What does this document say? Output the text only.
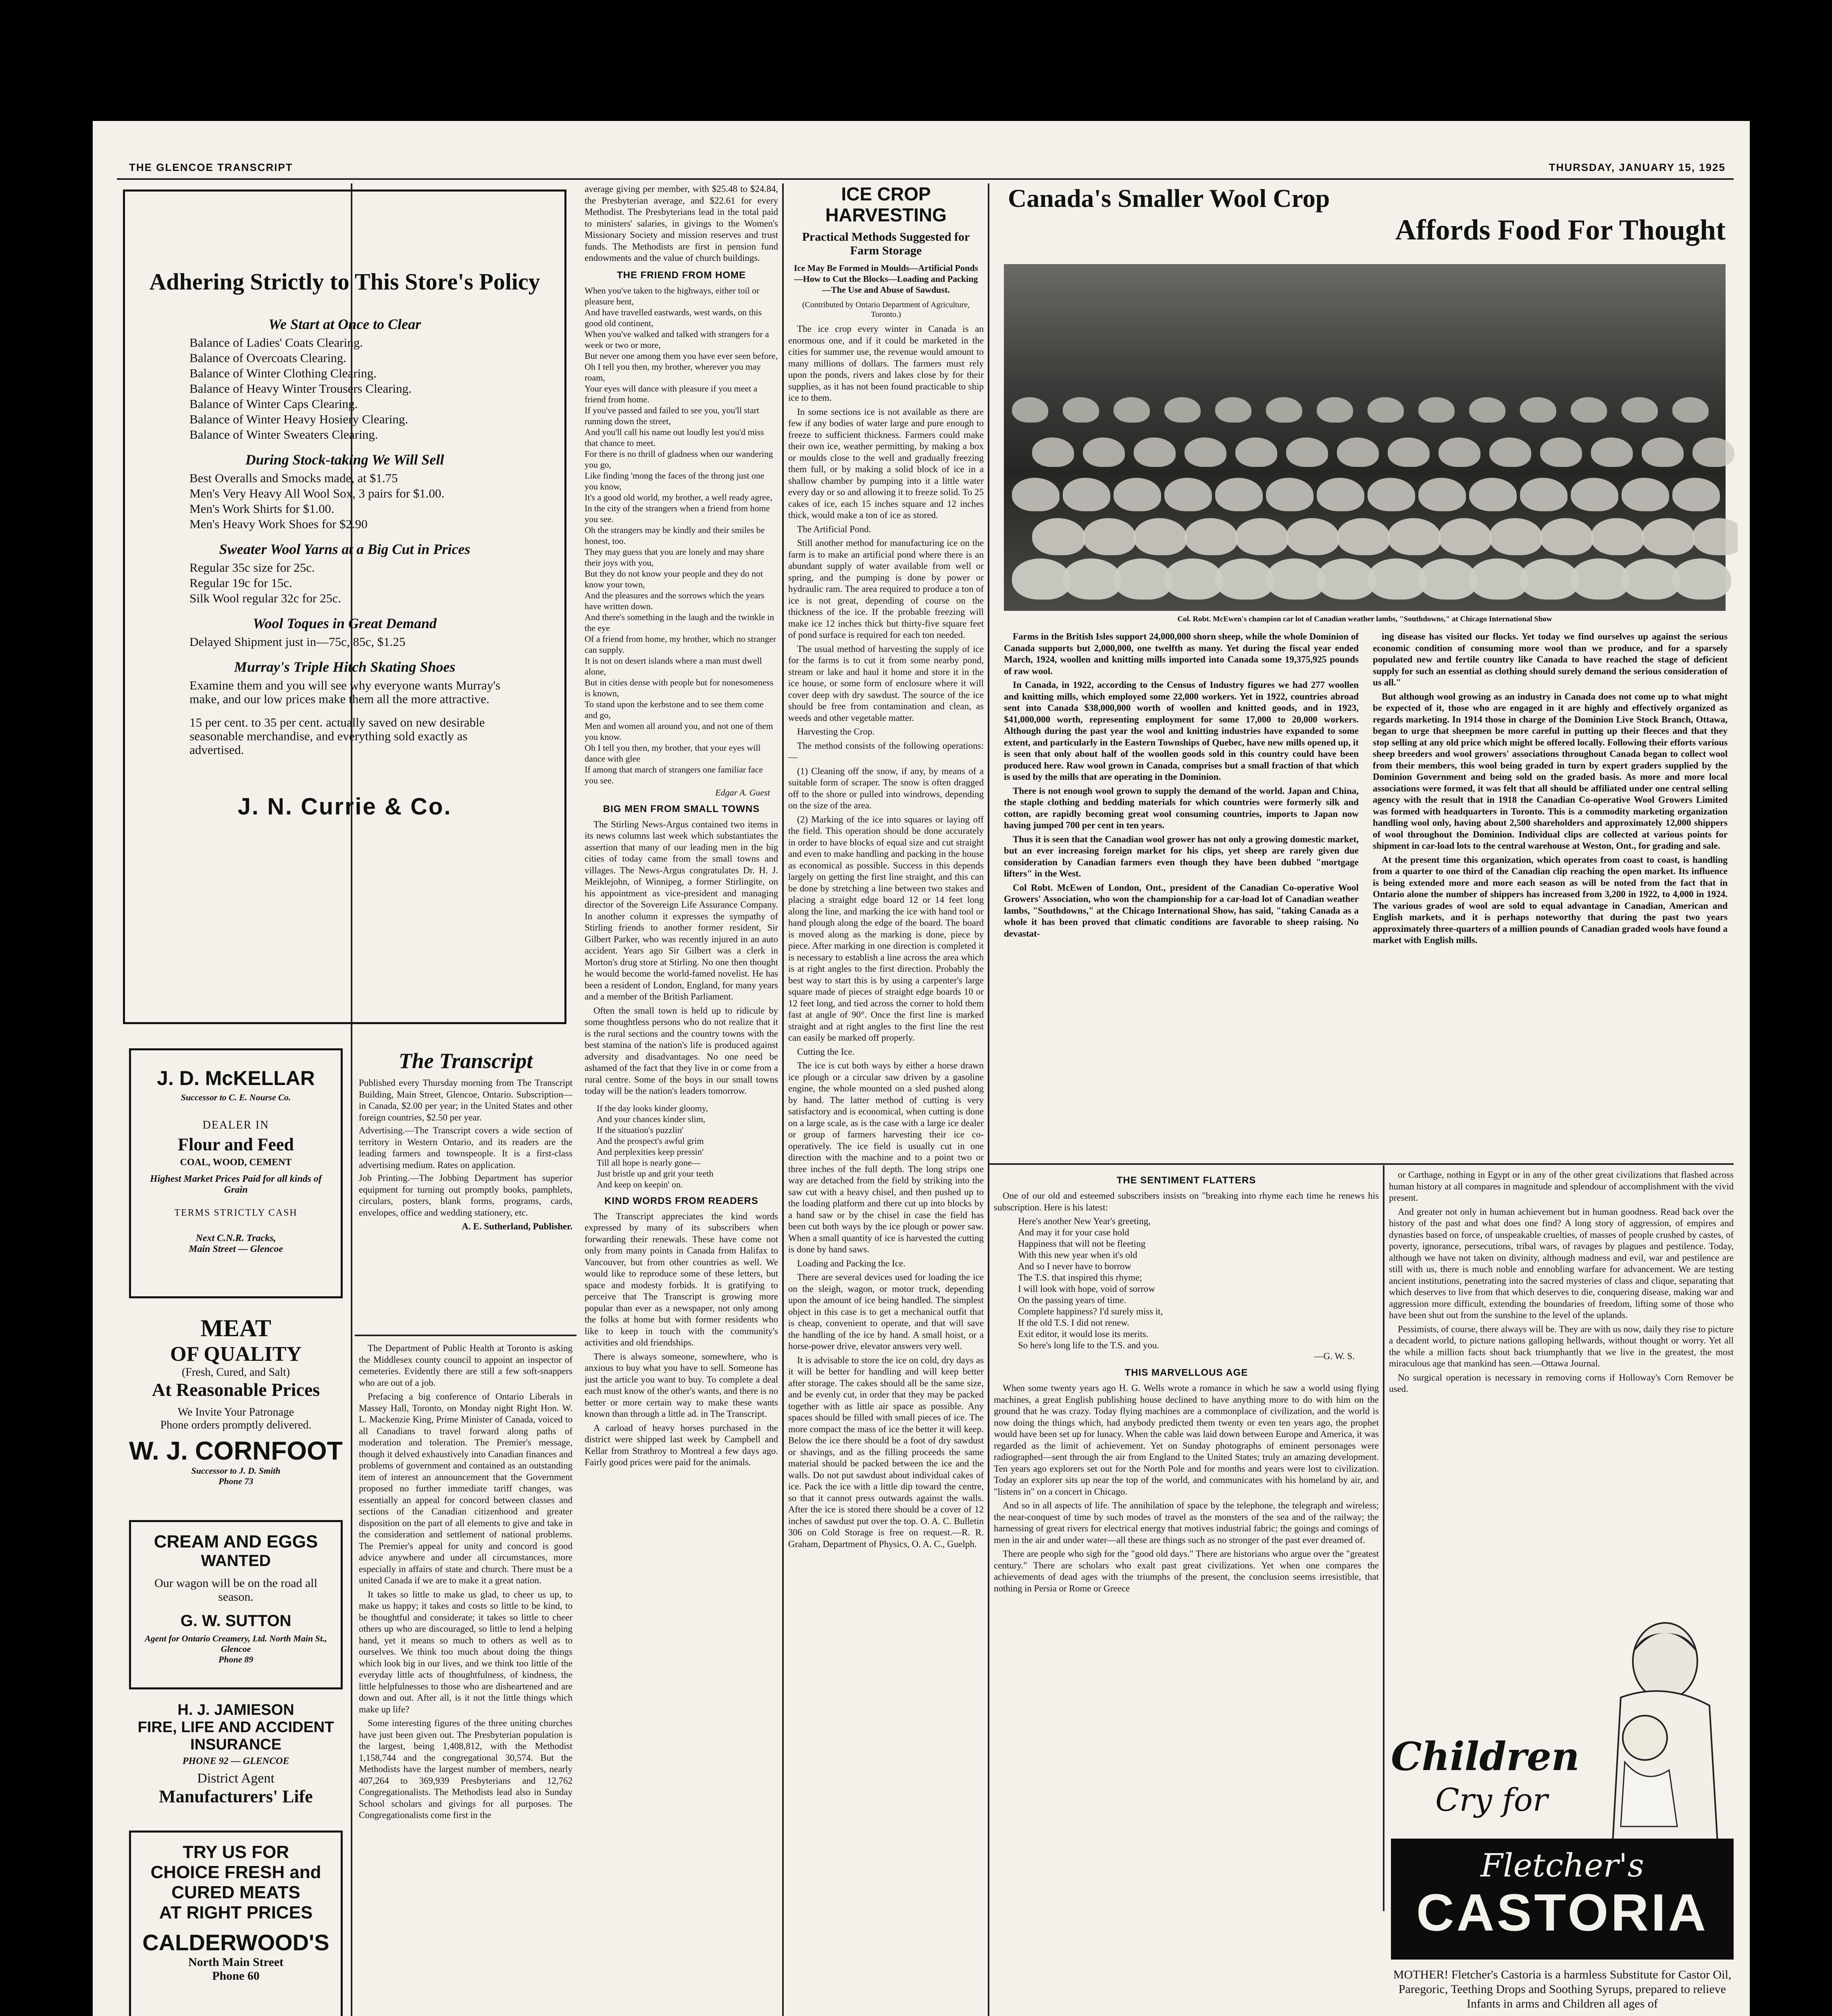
THE GLENCOE TRANSCRIPT	THURSDAY, JANUARY 15, 1925
Adhering Strictly to This Store's Policy
We Start at Once to Clear
Balance of Ladies' Coats Clearing.
Balance of Overcoats Clearing.
Balance of Winter Clothing Clearing.
Balance of Heavy Winter Trousers Clearing.
Balance of Winter Caps Clearing.
Balance of Winter Heavy Hosiery Clearing.
Balance of Winter Sweaters Clearing.
During Stock-taking We Will Sell
Best Overalls and Smocks made, at $1.75
Men's Very Heavy All Wool Sox, 3 pairs for $1.00.
Men's Work Shirts for $1.00.
Men's Heavy Work Shoes for $2.90
Sweater Wool Yarns at a Big Cut in Prices
Regular 35c size for 25c.
Regular 19c for 15c.
Silk Wool regular 32c for 25c.
Wool Toques in Great Demand
Delayed Shipment just in—75c, 85c, $1.25
Murray's Triple Hitch Skating Shoes
Examine them and you will see why everyone wants Murray's make, and our low prices make them all the more attractive.
15 per cent. to 35 per cent. actually saved on new desirable seasonable merchandise, and everything sold exactly as advertised.
J. N. Currie & Co.
J. D. McKELLAR
Successor to C. E. Nourse Co.
DEALER IN
Flour and Feed
COAL, WOOD, CEMENT
Highest Market Prices Paid for all kinds of Grain
TERMS STRICTLY CASH
Next C.N.R. Tracks,
Main Street — Glencoe
MEAT
OF QUALITY
(Fresh, Cured, and Salt)
At Reasonable Prices
We Invite Your Patronage
Phone orders promptly delivered.
W. J. CORNFOOT
Successor to J. D. Smith
Phone 73
CREAM AND EGGS
WANTED
Our wagon will be on the road all season.
G. W. SUTTON
Agent for Ontario Creamery, Ltd. North Main St., Glencoe
Phone 89
H. J. JAMIESON
FIRE, LIFE AND ACCIDENT
INSURANCE
PHONE 92 — GLENCOE
District Agent
Manufacturers' Life
TRY US FOR
CHOICE FRESH and
CURED MEATS
AT RIGHT PRICES
CALDERWOOD'S
North Main Street
Phone 60
The Transcript
Published every Thursday morning from The Transcript Building, Main Street, Glencoe, Ontario. Subscription—in Canada, $2.00 per year; in the United States and other foreign countries, $2.50 per year.
Advertising.—The Transcript covers a wide section of territory in Western Ontario, and its readers are the leading farmers and townspeople. It is a first-class advertising medium. Rates on application.
Job Printing.—The Jobbing Department has superior equipment for turning out promptly books, pamphlets, circulars, posters, blank forms, programs, cards, envelopes, office and wedding stationery, etc.
A. E. Sutherland, Publisher.

The Department of Public Health at Toronto is asking the Middlesex county council to appoint an inspector of cemeteries. Evidently there are still a few soft-snappers who are out of a job.

Prefacing a big conference of Ontario Liberals in Massey Hall, Toronto, on Monday night Right Hon. W. L. Mackenzie King, Prime Minister of Canada, voiced to all Canadians to travel forward along paths of moderation and toleration. The Premier's message, though it delved exhaustively into Canadian finances and problems of government and contained as an outstanding item of interest an announcement that the Government proposed no further immediate tariff changes, was essentially an appeal for concord between classes and sections of the Canadian citizenhood and greater disposition on the part of all elements to give and take in the consideration and settlement of national problems. The Premier's appeal for unity and concord is good advice anywhere and under all circumstances, more especially in affairs of state and church. There must be a united Canada if we are to make it a great nation.

It takes so little to make us glad, to cheer us up, to make us happy; it takes and costs so little to be kind, to be thoughtful and considerate; it takes so little to cheer others up who are discouraged, so little to lend a helping hand, yet it means so much to others as well as to ourselves. We think too much about doing the things which look big in our lives, and we think too little of the everyday little acts of thoughtfulness, of kindness, the little helpfulnesses to those who are disheartened and are down and out. After all, is it not the little things which make up life?

Some interesting figures of the three uniting churches have just been given out. The Presbyterian population is the largest, being 1,408,812, with the Methodist 1,158,744 and the congregational 30,574. But the Methodists have the largest number of members, nearly 407,264 to 369,939 Presbyterians and 12,762 Congregationalists. The Methodists lead also in Sunday School scholars and givings for all purposes. The Congregationalists come first in the

average giving per member, with $25.48 to $24.84, the Presbyterian average, and $22.61 for every Methodist. The Presbyterians lead in the total paid to ministers' salaries, in givings to the Women's Missionary Society and mission reserves and trust funds. The Methodists are first in pension fund endowments and the value of church buildings.
THE FRIEND FROM HOME
When you've taken to the highways, either toil or pleasure bent,
And have travelled eastwards, west wards, on this good old continent,
When you've walked and talked with strangers for a week or two or more,
But never one among them you have ever seen before,
Oh I tell you then, my brother, wherever you may roam,
Your eyes will dance with pleasure if you meet a friend from home.
If you've passed and failed to see you, you'll start running down the street,
And you'll call his name out loudly lest you'd miss that chance to meet.
For there is no thrill of gladness when our wandering you go,
Like finding 'mong the faces of the throng just one you know,
It's a good old world, my brother, a well ready agree,
In the city of the strangers when a friend from home you see.
Oh the strangers may be kindly and their smiles be honest, too.
They may guess that you are lonely and may share their joys with you,
But they do not know your people and they do not know your town,
And the pleasures and the sorrows which the years have written down.
And there's something in the laugh and the twinkle in the eye
Of a friend from home, my brother, which no stranger can supply.
It is not on desert islands where a man must dwell alone,
But in cities dense with people but for nonesomeness is known,
To stand upon the kerbstone and to see them come and go,
Men and women all around you, and not one of them you know.
Oh I tell you then, my brother, that your eyes will dance with glee
If among that march of strangers one familiar face you see.
Edgar A. Guest
BIG MEN FROM SMALL TOWNS

The Stirling News-Argus contained two items in its news columns last week which substantiates the assertion that many of our leading men in the big cities of today came from the small towns and villages. The News-Argus congratulates Dr. H. J. Meiklejohn, of Winnipeg, a former Stirlingite, on his appointment as vice-president and managing director of the Sovereign Life Assurance Company. In another column it expresses the sympathy of Stirling friends to another former resident, Sir Gilbert Parker, who was recently injured in an auto accident. Years ago Sir Gilbert was a clerk in Morton's drug store at Stirling. No one then thought he would become the world-famed novelist. He has been a resident of London, England, for many years and a member of the British Parliament.

Often the small town is held up to ridicule by some thoughtless persons who do not realize that it is the rural sections and the country towns with the best stamina of the nation's life is produced against adversity and disadvantages. No one need be ashamed of the fact that they live in or come from a rural centre. Some of the boys in our small towns today will be the nation's leaders tomorrow.

If the day looks kinder gloomy,
And your chances kinder slim,
If the situation's puzzlin'
And the prospect's awful grim
And perplexities keep pressin'
Till all hope is nearly gone—
Just bristle up and grit your teeth
And keep on keepin' on.
KIND WORDS FROM READERS

The Transcript appreciates the kind words expressed by many of its subscribers when forwarding their renewals. These have come not only from many points in Canada from Halifax to Vancouver, but from other countries as well. We would like to reproduce some of these letters, but space and modesty forbids. It is gratifying to perceive that The Transcript is growing more popular than ever as a newspaper, not only among the folks at home but with former residents who like to keep in touch with the community's activities and old friendships.

There is always someone, somewhere, who is anxious to buy what you have to sell. Someone has just the article you want to buy. To complete a deal each must know of the other's wants, and there is no better or more certain way to make these wants known than through a little ad. in The Transcript.

A carload of heavy horses purchased in the district were shipped last week by Campbell and Kellar from Strathroy to Montreal a few days ago. Fairly good prices were paid for the animals.

ICE CROP HARVESTING
Practical Methods Suggested for Farm Storage
Ice May Be Formed in Moulds—Artificial Ponds—How to Cut the Blocks—Loading and Packing—The Use and Abuse of Sawdust.
(Contributed by Ontario Department of Agriculture, Toronto.)

The ice crop every winter in Canada is an enormous one, and if it could be marketed in the cities for summer use, the revenue would amount to many millions of dollars. The farmers must rely upon the ponds, rivers and lakes close by for their supplies, as it has not been found practicable to ship ice to them.

In some sections ice is not available as there are few if any bodies of water large and pure enough to freeze to sufficient thickness. Farmers could make their own ice, weather permitting, by making a box or moulds close to the well and gradually freezing them full, or by making a solid block of ice in a shallow chamber by pumping into it a little water every day or so and allowing it to freeze solid. To 25 cakes of ice, each 15 inches square and 12 inches thick, would make a ton of ice as stored.

The Artificial Pond.

Still another method for manufacturing ice on the farm is to make an artificial pond where there is an abundant supply of water available from well or spring, and the pumping is done by power or hydraulic ram. The area required to produce a ton of ice is not great, depending of course on the thickness of the ice. If the probable freezing will make ice 12 inches thick but thirty-five square feet of pond surface is required for each ton needed.

The usual method of harvesting the supply of ice for the farms is to cut it from some nearby pond, stream or lake and haul it home and store it in the ice house, or some form of enclosure where it will cover deep with dry sawdust. The source of the ice should be free from contamination and clean, as weeds and other vegetable matter.

Harvesting the Crop.

The method consists of the following operations:—

(1) Cleaning off the snow, if any, by means of a suitable form of scraper. The snow is often dragged off to the shore or pulled into windrows, depending on the size of the area.

(2) Marking of the ice into squares or laying off the field. This operation should be done accurately in order to have blocks of equal size and cut straight and even to make handling and packing in the house as economical as possible. Success in this depends largely on getting the first line straight, and this can be done by stretching a line between two stakes and placing a straight edge board 12 or 14 feet long along the line, and marking the ice with hand tool or hand plough along the edge of the board. The board is moved along as the marking is done, piece by piece. After marking in one direction is completed it is necessary to establish a line across the area which is at right angles to the first direction. Probably the best way to start this is by using a carpenter's large square made of pieces of straight edge boards 10 or 12 feet long, and tied across the corner to hold them fast at angle of 90°. Once the first line is marked straight and at right angles to the first line the rest can easily be marked off properly.

Cutting the Ice.

The ice is cut both ways by either a horse drawn ice plough or a circular saw driven by a gasoline engine, the whole mounted on a sled pushed along by hand. The latter method of cutting is very satisfactory and is economical, when cutting is done on a large scale, as is the case with a large ice dealer or group of farmers harvesting their ice co-operatively. The ice field is usually cut in one direction with the machine and to a point two or three inches of the full depth. The long strips one way are detached from the field by striking into the saw cut with a heavy chisel, and then pushed up to the loading platform and there cut up into blocks by a hand saw or by the chisel in case the field has been cut both ways by the ice plough or power saw. When a small quantity of ice is harvested the cutting is done by hand saws.

Loading and Packing the Ice.

There are several devices used for loading the ice on the sleigh, wagon, or motor truck, depending upon the amount of ice being handled. The simplest object in this case is to get a mechanical outfit that is cheap, convenient to operate, and that will save the handling of the ice by hand. A small hoist, or a horse-power drive, elevator answers very well.

It is advisable to store the ice on cold, dry days as it will be better for handling and will keep better after storage. The cakes should all be the same size, and be evenly cut, in order that they may be packed together with as little air space as possible. Any spaces should be filled with small pieces of ice. The more compact the mass of ice the better it will keep. Below the ice there should be a foot of dry sawdust or shavings, and as the filling proceeds the same material should be packed between the ice and the walls. Do not put sawdust about individual cakes of ice. Pack the ice with a little dip toward the centre, so that it cannot press outwards against the walls. After the ice is stored there should be a cover of 12 inches of sawdust put over the top. O. A. C. Bulletin 306 on Cold Storage is free on request.—R. R. Graham, Department of Physics, O. A. C., Guelph.

Canada's Smaller Wool Crop
Affords Food For Thought
Col. Robt. McEwen's champion car lot of Canadian weather lambs, "Southdowns," at Chicago International Show

Farms in the British Isles support 24,000,000 shorn sheep, while the whole Dominion of Canada supports but 2,000,000, one twelfth as many. Yet during the fiscal year ended March, 1924, woollen and knitting mills imported into Canada some 19,375,925 pounds of raw wool.

In Canada, in 1922, according to the Census of Industry figures we had 277 woollen and knitting mills, which employed some 22,000 workers. Yet in 1922, countries abroad sent into Canada $38,000,000 worth of woollen and knitted goods, and in 1923, $41,000,000 worth, representing employment for some 17,000 to 20,000 workers. Although during the past year the wool and knitting industries have expanded to some extent, and particularly in the Eastern Townships of Quebec, have new mills opened up, it is seen that only about half of the woollen goods sold in this country could have been produced here. Raw wool grown in Canada, comprises but a small fraction of that which is used by the mills that are operating in the Dominion.

There is not enough wool grown to supply the demand of the world. Japan and China, the staple clothing and bedding materials for which countries were formerly silk and cotton, are rapidly becoming great wool consuming countries, imports to Japan now having jumped 700 per cent in ten years.

Thus it is seen that the Canadian wool grower has not only a growing domestic market, but an ever increasing foreign market for his clips, yet sheep are rarely given due consideration by Canadian farmers even though they have been dubbed "mortgage lifters" in the West.

Col Robt. McEwen of London, Ont., president of the Canadian Co-operative Wool Growers' Association, who won the championship for a car-load lot of Canadian weather lambs, "Southdowns," at the Chicago International Show, has said, "taking Canada as a whole it has been proved that climatic conditions are favorable to sheep raising. No devastat-

ing disease has visited our flocks. Yet today we find ourselves up against the serious economic condition of consuming more wool than we produce, and for a sparsely populated new and fertile country like Canada to have reached the stage of deficient supply for such an essential as clothing should surely demand the serious consideration of us all."

But although wool growing as an industry in Canada does not come up to what might be expected of it, those who are engaged in it are highly and effectively organized as regards marketing. In 1914 those in charge of the Dominion Live Stock Branch, Ottawa, began to urge that sheepmen be more careful in putting up their fleeces and that they stop selling at any old price which might be offered locally. Following their efforts various sheep breeders and wool growers' associations throughout Canada began to collect wool from their members, this wool being graded in turn by expert graders supplied by the Dominion Government and being sold on the graded basis. As more and more local associations were formed, it was felt that all should be affiliated under one central selling agency with the result that in 1918 the Canadian Co-operative Wool Growers Limited was formed with headquarters in Toronto. This is a commodity marketing organization handling wool only, having about 2,500 shareholders and approximately 12,000 shippers of wool throughout the Dominion. Individual clips are collected at various points for shipment in car-load lots to the central warehouse at Weston, Ont., for grading and sale.

At the present time this organization, which operates from coast to coast, is handling from a quarter to one third of the Canadian clip reaching the open market. Its influence is being extended more and more each season as will be noted from the fact that in Ontario alone the number of shippers has increased from 3,200 in 1922, to 4,000 in 1924. The various grades of wool are sold to equal advantage in Canadian, American and English markets, and it is perhaps noteworthy that during the past two years approximately three-quarters of a million pounds of Canadian graded wools have found a market with English mills.

THE SENTIMENT FLATTERS
One of our old and esteemed subscribers insists on "breaking into rhyme each time he renews his subscription. Here is his latest:
Here's another New Year's greeting,
And may it for your case hold
Happiness that will not be fleeting
With this new year when it's old
And so I never have to borrow
The T.S. that inspired this rhyme;
I will look with hope, void of sorrow
On the passing years of time.
Complete happiness? I'd surely miss it,
If the old T.S. I did not renew.
Exit editor, it would lose its merits.
So here's long life to the T.S. and you.
—G. W. S.
THIS MARVELLOUS AGE

When some twenty years ago H. G. Wells wrote a romance in which he saw a world using flying machines, a great English publishing house declined to have anything more to do with him on the ground that he was crazy. Today flying machines are a commonplace of civilization, and the world is now doing the things which, had anybody predicted them twenty or even ten years ago, the prophet would have been set up for lunacy. When the cable was laid down between Europe and America, it was regarded as the limit of achievement. Yet on Sunday photographs of eminent personages were radiographed—sent through the air from England to the United States; truly an amazing development. Ten years ago explorers set out for the North Pole and for months and years were lost to civilization. Today an explorer sits up near the top of the world, and communicates with his homeland by air, and "listens in" on a concert in Chicago.

And so in all aspects of life. The annihilation of space by the telephone, the telegraph and wireless; the near-conquest of time by such modes of travel as the monsters of the sea and of the railway; the harnessing of great rivers for electrical energy that motives industrial fabric; the goings and comings of men in the air and under water—all these are things such as no stronger of the past ever dreamed of.

There are people who sigh for the "good old days." There are historians who argue over the "greatest century." There are scholars who exalt past great civilizations. Yet when one compares the achievements of dead ages with the triumphs of the present, the conclusion seems irresistible, that nothing in Persia or Rome or Greece

or Carthage, nothing in Egypt or in any of the other great civilizations that flashed across human history at all compares in magnitude and splendour of accomplishment with the vivid present.

And greater not only in human achievement but in human goodness. Read back over the history of the past and what does one find? A long story of aggression, of empires and dynasties based on force, of unspeakable cruelties, of masses of people crushed by castes, of poverty, ignorance, persecutions, tribal wars, of ravages by plagues and pestilence. Today, although we have not taken on divinity, although madness and evil, war and pestilence are still with us, there is much noble and ennobling warfare for advancement. We are testing ancient institutions, penetrating into the sacred mysteries of class and clique, separating that which deserves to live from that which deserves to die, conquering disease, making war and aggression more difficult, extending the boundaries of freedom, lifting some of those who have been shut out from the sunshine to the level of the uplands.

Pessimists, of course, there always will be. They are with us now, daily they rise to picture a decadent world, to picture nations galloping hellwards, without thought or worry. Yet all the while a million facts shout back triumphantly that we live in the greatest, the most miraculous age that mankind has seen.—Ottawa Journal.

No surgical operation is necessary in removing corns if Holloway's Corn Remover be used.

Children
Cry for
Fletcher's
CASTORIA
MOTHER! Fletcher's Castoria is a harmless Substitute for Castor Oil, Paregoric, Teething Drops and Soothing Syrups, prepared to relieve Infants in arms and Children all ages of
